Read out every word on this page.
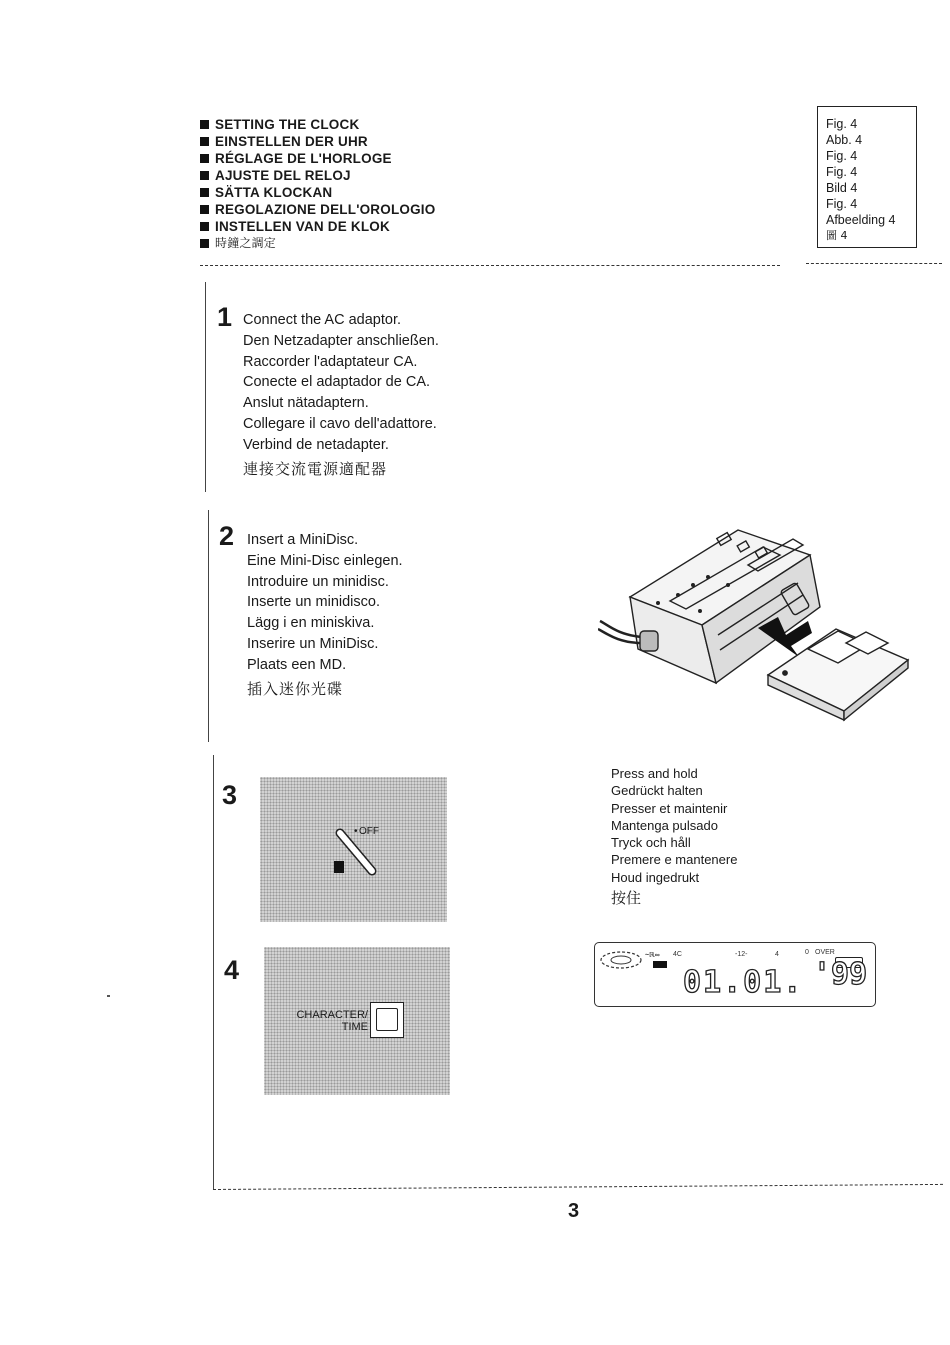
SETTING THE CLOCK
EINSTELLEN DER UHR
RÉGLAGE DE L'HORLOGE
AJUSTE DEL RELOJ
SÄTTA KLOCKAN
REGOLAZIONE DELL'OROLOGIO
INSTELLEN VAN DE KLOK
時鐘之調定
Fig. 4
Abb. 4
Fig. 4
Fig. 4
Bild 4
Fig. 4
Afbeelding 4
圖 4
1 Connect the AC adaptor.
Den Netzadapter anschließen.
Raccorder l'adaptateur CA.
Conecte el adaptador de CA.
Anslut nätadaptern.
Collegare il cavo dell'adattore.
Verbind de netadapter.
連接交流電源適配器
2 Insert a MiniDisc.
Eine Mini-Disc einlegen.
Introduire un minidisc.
Inserte un minidisco.
Lägg i en miniskiva.
Inserire un MiniDisc.
Plaats een MD.
插入迷你光碟
3
OFF
•
Press and hold
Gedrückt halten
Presser et maintenir
Mantenga pulsado
Tryck och håll
Premere e mantenere
Houd ingedrukt
按住
4
CHARACTER/
TIME
~ℝ∞ 4C	-12-	4	0 OVER
01.01. '99
3
